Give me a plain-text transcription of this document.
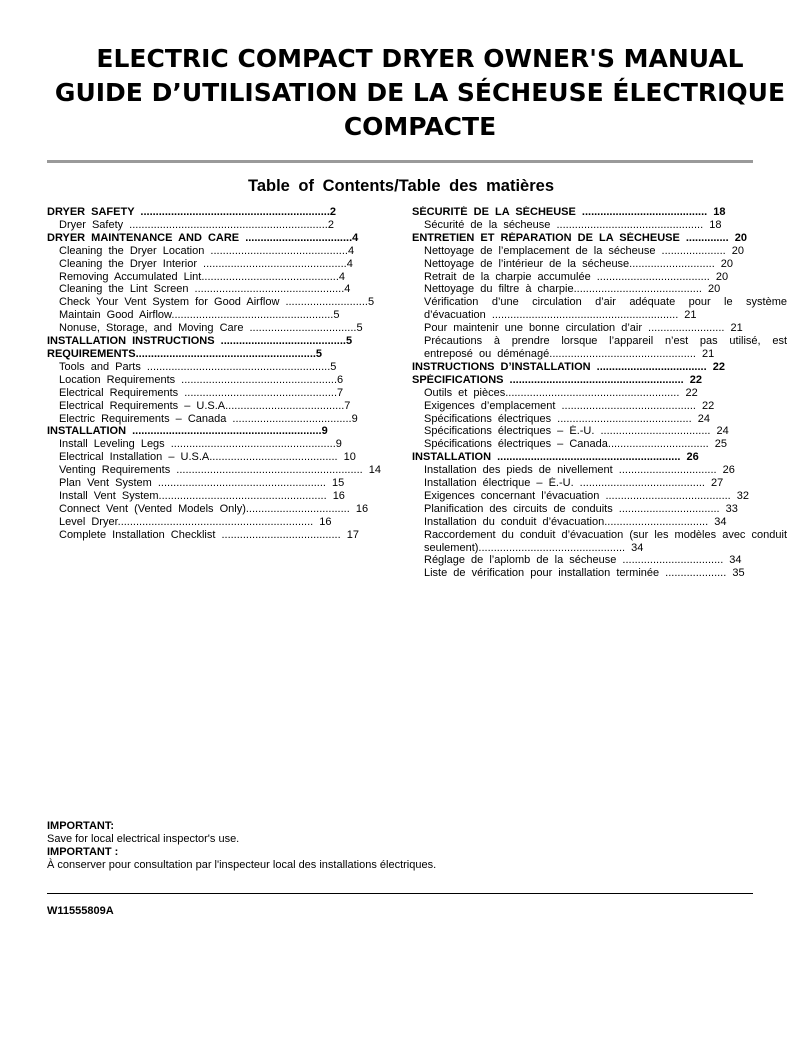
ELECTRIC COMPACT DRYER OWNER'S MANUAL
GUIDE D’UTILISATION DE LA SÉCHEUSE ÉLECTRIQUE
COMPACTE
Table of Contents/Table des matières
DRYER SAFETY ..............................................................2
Dryer Safety .................................................................2
DRYER MAINTENANCE AND CARE ...................................4
Cleaning the Dryer Location .............................................4
Cleaning the Dryer Interior ...............................................4
Removing Accumulated Lint.............................................4
Cleaning the Lint Screen .................................................4
Check Your Vent System for Good Airflow ...........................5
Maintain Good Airflow.....................................................5
Nonuse, Storage, and Moving Care ...................................5
INSTALLATION INSTRUCTIONS .........................................5
REQUIREMENTS...........................................................5
Tools and Parts ............................................................5
Location Requirements ...................................................6
Electrical Requirements ..................................................7
Electrical Requirements – U.S.A.......................................7
Electric Requirements – Canada .......................................9
INSTALLATION ..............................................................9
Install Leveling Legs ......................................................9
Electrical Installation – U.S.A.......................................... 10
Venting Requirements ............................................................. 14
Plan Vent System ....................................................... 15
Install Vent System....................................................... 16
Connect Vent (Vented Models Only).................................. 16
Level Dryer................................................................ 16
Complete Installation Checklist ....................................... 17
SÉCURITÉ DE LA SÉCHEUSE ......................................... 18
Sécurité de la sécheuse ................................................ 18
ENTRETIEN ET RÉPARATION DE LA SÉCHEUSE .............. 20
Nettoyage de l’emplacement de la sécheuse ..................... 20
Nettoyage de l’intérieur de la sécheuse............................ 20
Retrait de la charpie accumulée ..................................... 20
Nettoyage du filtre à charpie.......................................... 20
Vérification d’une circulation d’air adéquate pour le système d’évacuation ............................................................. 21
Pour maintenir une bonne circulation d’air ......................... 21
Précautions à prendre lorsque l’appareil n’est pas utilisé, est entreposé ou déménagé................................................ 21
INSTRUCTIONS D’INSTALLATION .................................... 22
SPÉCIFICATIONS ......................................................... 22
Outils et pièces......................................................... 22
Exigences d’emplacement ............................................ 22
Spécifications électriques ............................................ 24
Spécifications électriques – É.-U. .................................... 24
Spécifications électriques – Canada................................. 25
INSTALLATION ............................................................ 26
Installation des pieds de nivellement ................................ 26
Installation électrique – É.-U. ......................................... 27
Exigences concernant l’évacuation ......................................... 32
Planification des circuits de conduits ................................. 33
Installation du conduit d’évacuation.................................. 34
Raccordement du conduit d’évacuation (sur les modèles avec conduit seulement)................................................ 34
Réglage de l’aplomb de la sécheuse ................................. 34
Liste de vérification pour installation terminée .................... 35
IMPORTANT:
Save for local electrical inspector's use.
IMPORTANT :
À conserver pour consultation par l'inspecteur local des installations électriques.
W11555809A
